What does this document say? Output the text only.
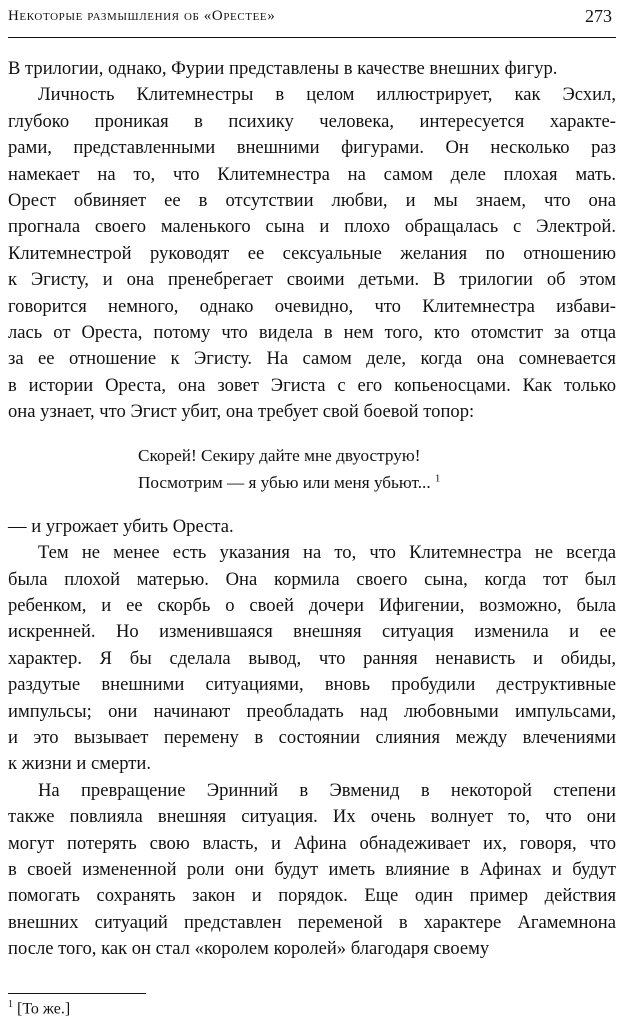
Некоторые размышления об «Орестее»	273

В трилогии, однако, Фурии представлены в качестве внешних фигур.

Личность Клитемнестры в целом иллюстрирует, как Эсхил,

глубоко проникая в психику человека, интересуется характе-

рами, представленными внешними фигурами. Он несколько раз

намекает на то, что Клитемнестра на самом деле плохая мать.

Орест обвиняет ее в отсутствии любви, и мы знаем, что она

прогнала своего маленького сына и плохо обращалась с Электрой.

Клитемнестрой руководят ее сексуальные желания по отношению

к Эгисту, и она пренебрегает своими детьми. В трилогии об этом

говорится немного, однако очевидно, что Клитемнестра избави-

лась от Ореста, потому что видела в нем того, кто отомстит за отца

за ее отношение к Эгисту. На самом деле, когда она сомневается

в истории Ореста, она зовет Эгиста с его копьеносцами. Как только

она узнает, что Эгист убит, она требует свой боевой топор:

Скорей! Секиру дайте мне двуострую!
Посмотрим — я убью или меня убьют... $^1$

— и угрожает убить Ореста.

Тем не менее есть указания на то, что Клитемнестра не всегда

была плохой матерью. Она кормила своего сына, когда тот был

ребенком, и ее скорбь о своей дочери Ифигении, возможно, была

искренней. Но изменившаяся внешняя ситуация изменила и ее

характер. Я бы сделала вывод, что ранняя ненависть и обиды,

раздутые внешними ситуациями, вновь пробудили деструктивные

импульсы; они начинают преобладать над любовными импульсами,

и это вызывает перемену в состоянии слияния между влечениями

к жизни и смерти.

На превращение Эринний в Эвменид в некоторой степени

также повлияла внешняя ситуация. Их очень волнует то, что они

могут потерять свою власть, и Афина обнадеживает их, говоря, что

в своей измененной роли они будут иметь влияние в Афинах и будут

помогать сохранять закон и порядок. Еще один пример действия

внешних ситуаций представлен переменой в характере Агамемнона

после того, как он стал «королем королей» благодаря своему

$^1$ [То же.]
